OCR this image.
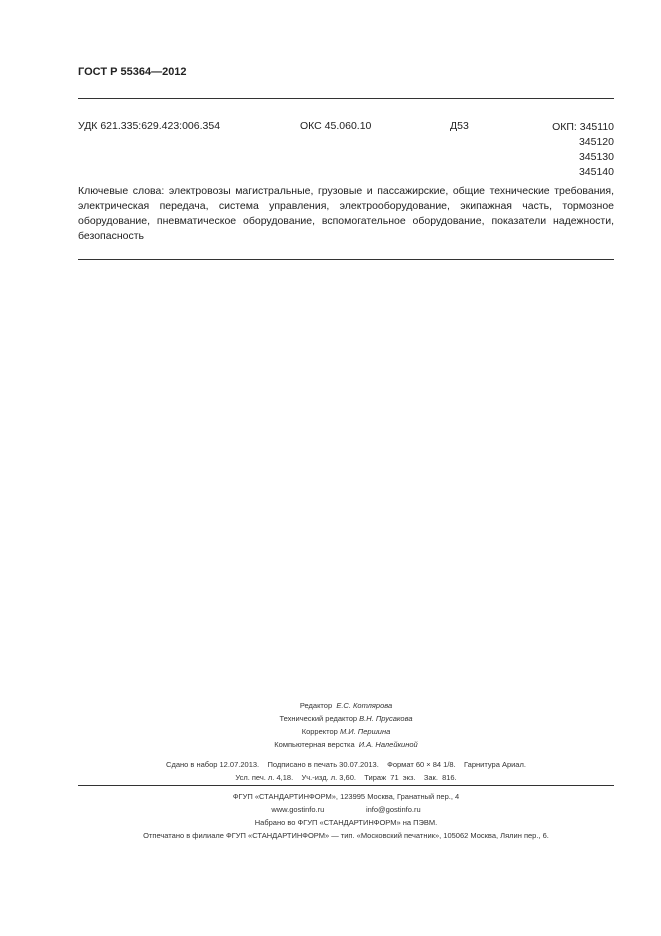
ГОСТ Р 55364—2012
УДК 621.335:629.423:006.354	ОКС 45.060.10	Д53	ОКП: 345110
345120
345130
345140
Ключевые слова: электровозы магистральные, грузовые и пассажирские, общие технические требования, электрическая передача, система управления, электрооборудование, экипажная часть, тормозное оборудование, пневматическое оборудование, вспомогательное оборудование, показатели надежности, безопасность
Редактор Е.С. Котлярова
Технический редактор В.Н. Прусакова
Корректор М.И. Першина
Компьютерная верстка И.А. Налейкиной
Сдано в набор 12.07.2013.    Подписано в печать 30.07.2013.    Формат 60 × 84 1/8.    Гарнитура Ариал.
Усл. печ. л. 4,18.    Уч.-изд. л. 3,60.    Тираж  71  экз.    Зак.  816.
ФГУП «СТАНДАРТИНФОРМ», 123995 Москва, Гранатный пер., 4
www.gostinfo.ru	info@gostinfo.ru
Набрано во ФГУП «СТАНДАРТИНФОРМ» на ПЭВМ.
Отпечатано в филиале ФГУП «СТАНДАРТИНФОРМ» — тип. «Московский печатник», 105062 Москва, Лялин пер., 6.
